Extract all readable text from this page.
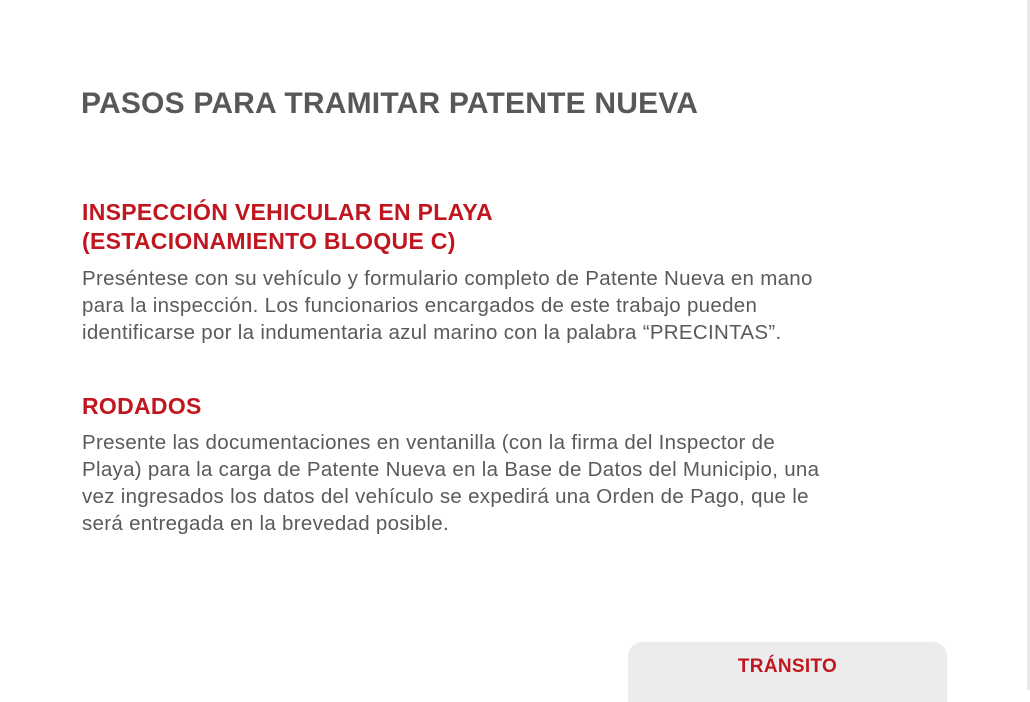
PASOS PARA TRAMITAR PATENTE NUEVA
INSPECCIÓN VEHICULAR EN PLAYA
(ESTACIONAMIENTO BLOQUE C)

Preséntese con su vehículo y formulario completo de Patente Nueva en mano
para la inspección. Los funcionarios encargados de este trabajo pueden
identificarse por la indumentaria azul marino con la palabra “PRECINTAS”.

RODADOS

Presente las documentaciones en ventanilla (con la firma del Inspector de
Playa) para la carga de Patente Nueva en la Base de Datos del Municipio, una
vez ingresados los datos del vehículo se expedirá una Orden de Pago, que le
será entregada en la brevedad posible.

TRÁNSITO
